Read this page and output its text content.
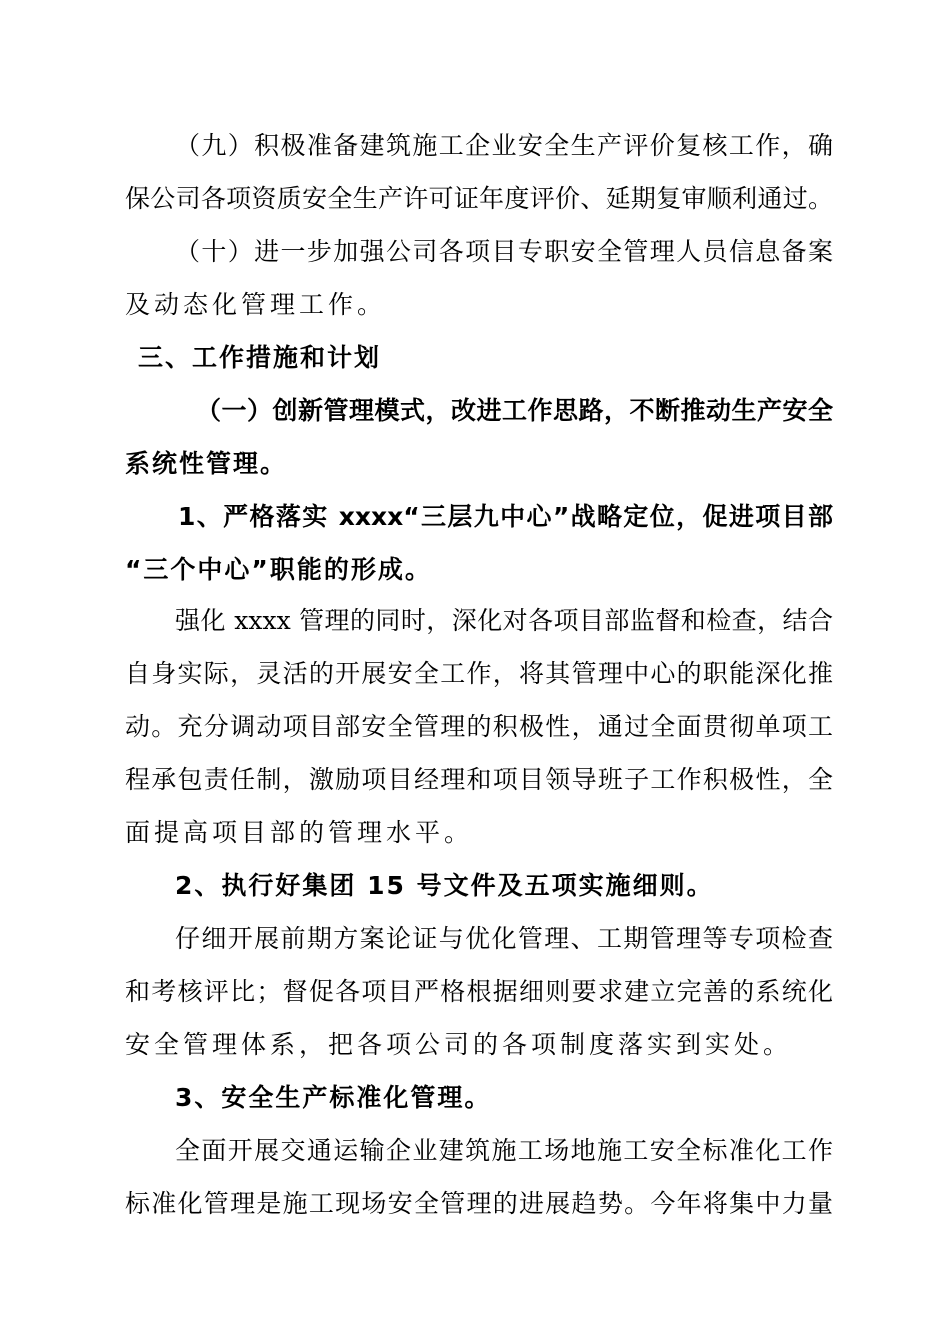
（九）积极准备建筑施工企业安全生产评价复核工作，确
保公司各项资质安全生产许可证年度评价、延期复审顺利通过。
（十）进一步加强公司各项目专职安全管理人员信息备案
及动态化管理工作。
三、工作措施和计划
（一）创新管理模式，改进工作思路，不断推动生产安全
系统性管理。
1、严格落实 xxxx“三层九中心”战略定位，促进项目部
“三个中心”职能的形成。
强化 xxxx 管理的同时，深化对各项目部监督和检查，结合
自身实际，灵活的开展安全工作，将其管理中心的职能深化推
动。充分调动项目部安全管理的积极性，通过全面贯彻单项工
程承包责任制，激励项目经理和项目领导班子工作积极性，全
面提高项目部的管理水平。
2、执行好集团 15 号文件及五项实施细则。
仔细开展前期方案论证与优化管理、工期管理等专项检查
和考核评比；督促各项目严格根据细则要求建立完善的系统化
安全管理体系，把各项公司的各项制度落实到实处。
3、安全生产标准化管理。
全面开展交通运输企业建筑施工场地施工安全标准化工作
标准化管理是施工现场安全管理的进展趋势。今年将集中力量
